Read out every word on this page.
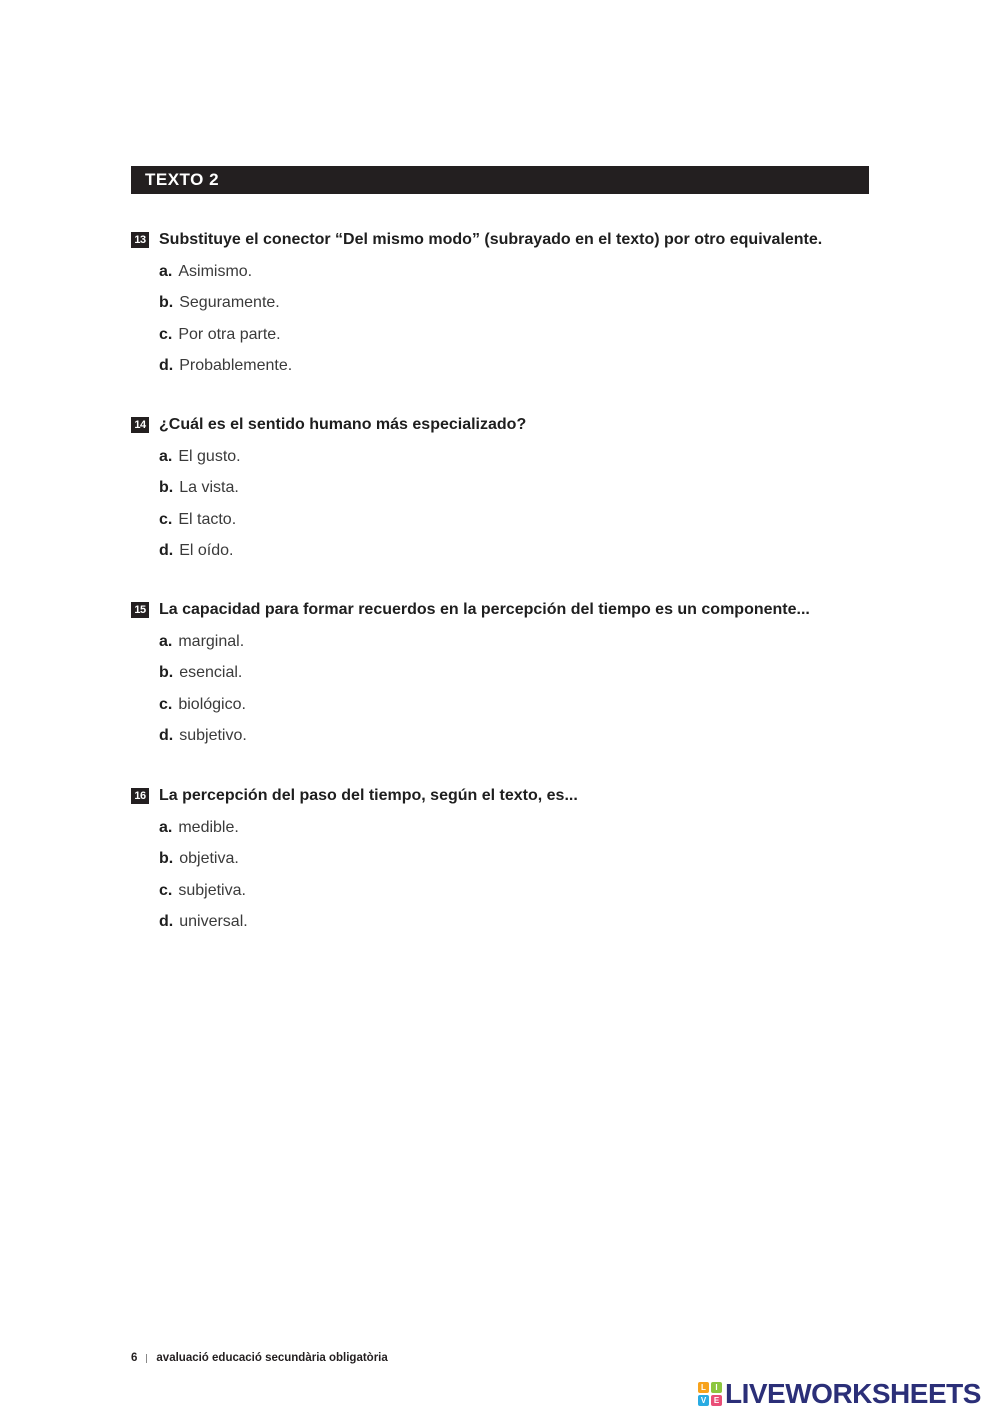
TEXTO 2
13 Substituye el conector “Del mismo modo” (subrayado en el texto) por otro equivalente.
a. Asimismo.
b. Seguramente.
c. Por otra parte.
d. Probablemente.
14 ¿Cuál es el sentido humano más especializado?
a. El gusto.
b. La vista.
c. El tacto.
d. El oído.
15 La capacidad para formar recuerdos en la percepción del tiempo es un componente...
a. marginal.
b. esencial.
c. biológico.
d. subjetivo.
16 La percepción del paso del tiempo, según el texto, es...
a. medible.
b. objetiva.
c. subjetiva.
d. universal.
6 avaluació educació secundària obligatòria
L	I
V E LIVEWORKSHEETS
